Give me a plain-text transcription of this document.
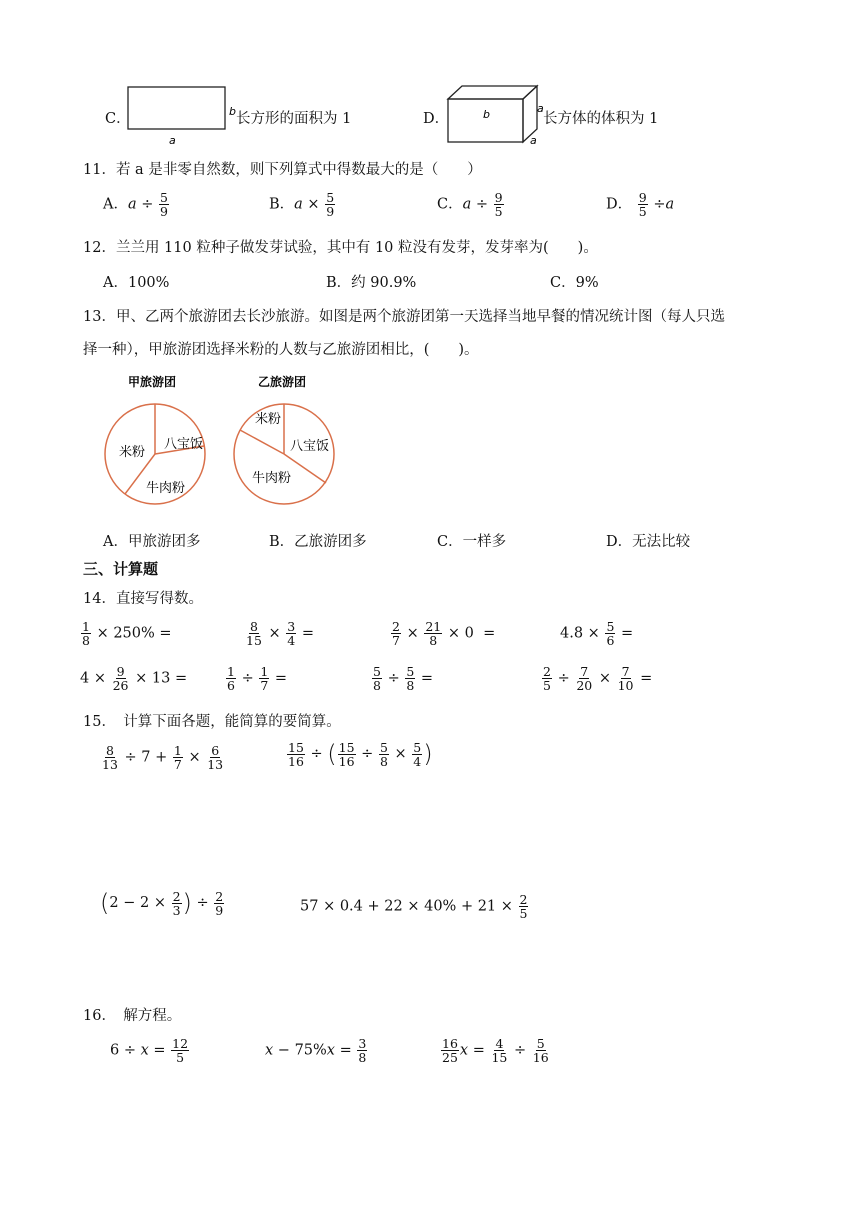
C．	b
a
长方形的面积为 1	D．	b	a
a
长方体的体积为 1
11．若 a 是非零自然数，则下列算式中得数最大的是（　　）
A．$a \div \frac{5}{9}$	B．$a \times \frac{5}{9}$	C．$a \div \frac{9}{5}$	D． $\frac{9}{5} \div a$
12．兰兰用 110 粒种子做发芽试验，其中有 10 粒没有发芽，发芽率为(　　)。
A．100%	B．约 90.9%	C．9%
13．甲、乙两个旅游团去长沙旅游。如图是两个旅游团第一天选择当地早餐的情况统计图（每人只选
择一种），甲旅游团选择米粉的人数与乙旅游团相比，(　　)。
甲旅游团
米粉
八宝饭
牛肉粉
乙旅游团
米粉
八宝饭
牛肉粉
A．甲旅游团多	B．乙旅游团多	C．一样多	D．无法比较
三、计算题
14．直接写得数。
$\frac{1}{8} \times 250\%$ =	$\frac{8}{15} \times \frac{3}{4}$ =	$\frac{2}{7} \times \frac{21}{8} \times 0$ =	$4.8 \times \frac{5}{6}$ =
$4 \times \frac{9}{26} \times 13$ =	$\frac{1}{6} \div \frac{1}{7}$ =	$\frac{5}{8} \div \frac{5}{8}$ =	$\frac{2}{5} \div \frac{7}{20} \times \frac{7}{10}$ =
15．　计算下面各题，能简算的要简算。
$\frac{8}{13} \div 7 + \frac{1}{7} \times \frac{6}{13}$	$\frac{15}{16}$ ÷ ( $\frac{15}{16} \div \frac{5}{8} \times \frac{5}{4}$ )
($2 - 2 \times \frac{2}{3}$ ) ÷ $\frac{2}{9}$	$57 \times 0.4 + 22 \times 40\% + 21 \times \frac{2}{5}$
16．　解方程。
$6 \div x = \frac{12}{5}$	$x - 75\%x = \frac{3}{8}$	$\frac{16}{25}$ $x = \frac{4}{15} \div \frac{5}{16}$
